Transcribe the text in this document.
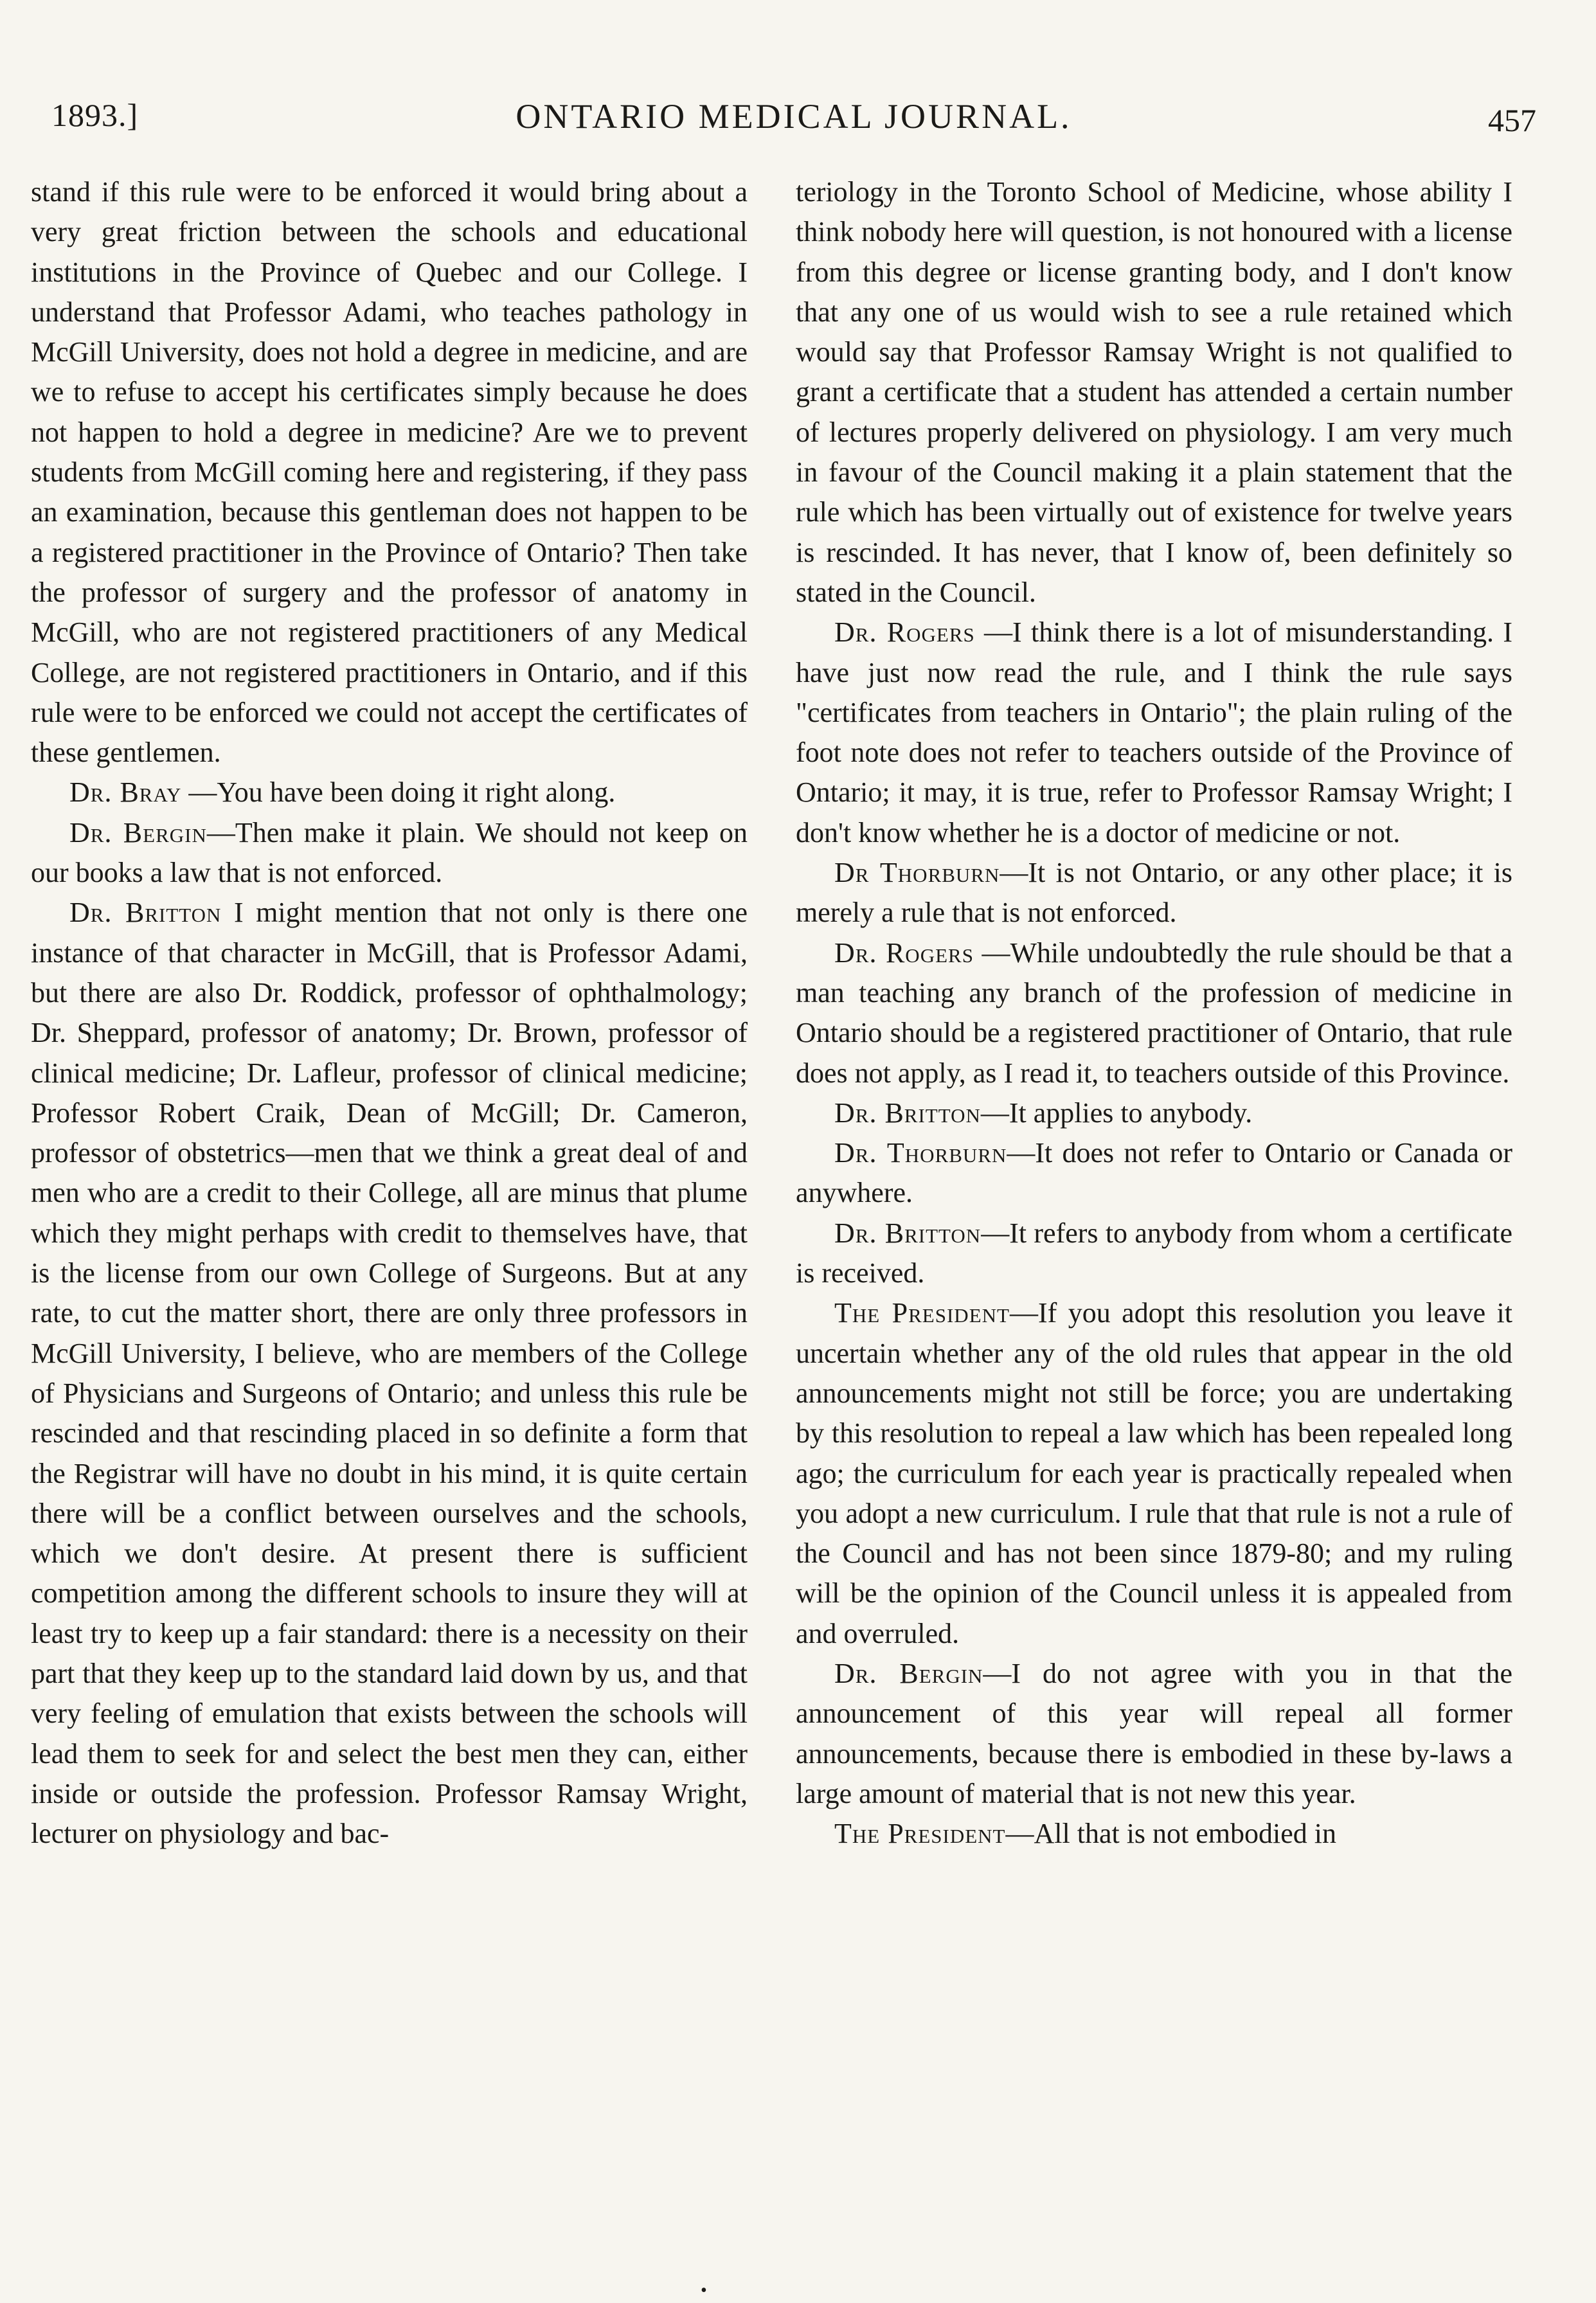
1893.]	ONTARIO MEDICAL JOURNAL.	457

stand if this rule were to be enforced it would bring about a very great friction between the schools and educational institutions in the Province of Quebec and our College. I understand that Professor Adami, who teaches pathology in McGill University, does not hold a degree in medicine, and are we to refuse to accept his certificates simply because he does not happen to hold a degree in medicine? Are we to prevent students from McGill coming here and registering, if they pass an examination, because this gentleman does not happen to be a registered practitioner in the Province of Ontario? Then take the professor of surgery and the professor of anatomy in McGill, who are not registered practitioners of any Medical College, are not registered practitioners in Ontario, and if this rule were to be enforced we could not accept the certificates of these gentlemen.

Dr. Bray —You have been doing it right along.

Dr. Bergin—Then make it plain. We should not keep on our books a law that is not enforced.

Dr. Britton I might mention that not only is there one instance of that character in McGill, that is Professor Adami, but there are also Dr. Roddick, professor of ophthalmology; Dr. Sheppard, professor of anatomy; Dr. Brown, professor of clinical medicine; Dr. Lafleur, professor of clinical medicine; Professor Robert Craik, Dean of McGill; Dr. Cameron, professor of obstetrics—men that we think a great deal of and men who are a credit to their College, all are minus that plume which they might perhaps with credit to themselves have, that is the license from our own College of Surgeons. But at any rate, to cut the matter short, there are only three professors in McGill University, I believe, who are members of the College of Physicians and Surgeons of Ontario; and unless this rule be rescinded and that rescinding placed in so definite a form that the Registrar will have no doubt in his mind, it is quite certain there will be a conflict between ourselves and the schools, which we don't desire. At present there is sufficient competition among the different schools to insure they will at least try to keep up a fair standard: there is a necessity on their part that they keep up to the standard laid down by us, and that very feeling of emulation that exists between the schools will lead them to seek for and select the best men they can, either inside or outside the profession. Professor Ramsay Wright, lecturer on physiology and bac-

teriology in the Toronto School of Medicine, whose ability I think nobody here will question, is not honoured with a license from this degree or license granting body, and I don't know that any one of us would wish to see a rule retained which would say that Professor Ramsay Wright is not qualified to grant a certificate that a student has attended a certain number of lectures properly delivered on physiology. I am very much in favour of the Council making it a plain statement that the rule which has been virtually out of existence for twelve years is rescinded. It has never, that I know of, been definitely so stated in the Council.

Dr. Rogers —I think there is a lot of misunderstanding. I have just now read the rule, and I think the rule says "certificates from teachers in Ontario"; the plain ruling of the foot note does not refer to teachers outside of the Province of Ontario; it may, it is true, refer to Professor Ramsay Wright; I don't know whether he is a doctor of medicine or not.

Dr Thorburn—It is not Ontario, or any other place; it is merely a rule that is not enforced.

Dr. Rogers —While undoubtedly the rule should be that a man teaching any branch of the profession of medicine in Ontario should be a registered practitioner of Ontario, that rule does not apply, as I read it, to teachers outside of this Province.

Dr. Britton—It applies to anybody.

Dr. Thorburn—It does not refer to Ontario or Canada or anywhere.

Dr. Britton—It refers to anybody from whom a certificate is received.

The President—If you adopt this resolution you leave it uncertain whether any of the old rules that appear in the old announcements might not still be force; you are undertaking by this resolution to repeal a law which has been repealed long ago; the curriculum for each year is practically repealed when you adopt a new curriculum. I rule that that rule is not a rule of the Council and has not been since 1879-80; and my ruling will be the opinion of the Council unless it is appealed from and overruled.

Dr. Bergin—I do not agree with you in that the announcement of this year will repeal all former announcements, because there is embodied in these by-laws a large amount of material that is not new this year.

The President—All that is not embodied in

•
